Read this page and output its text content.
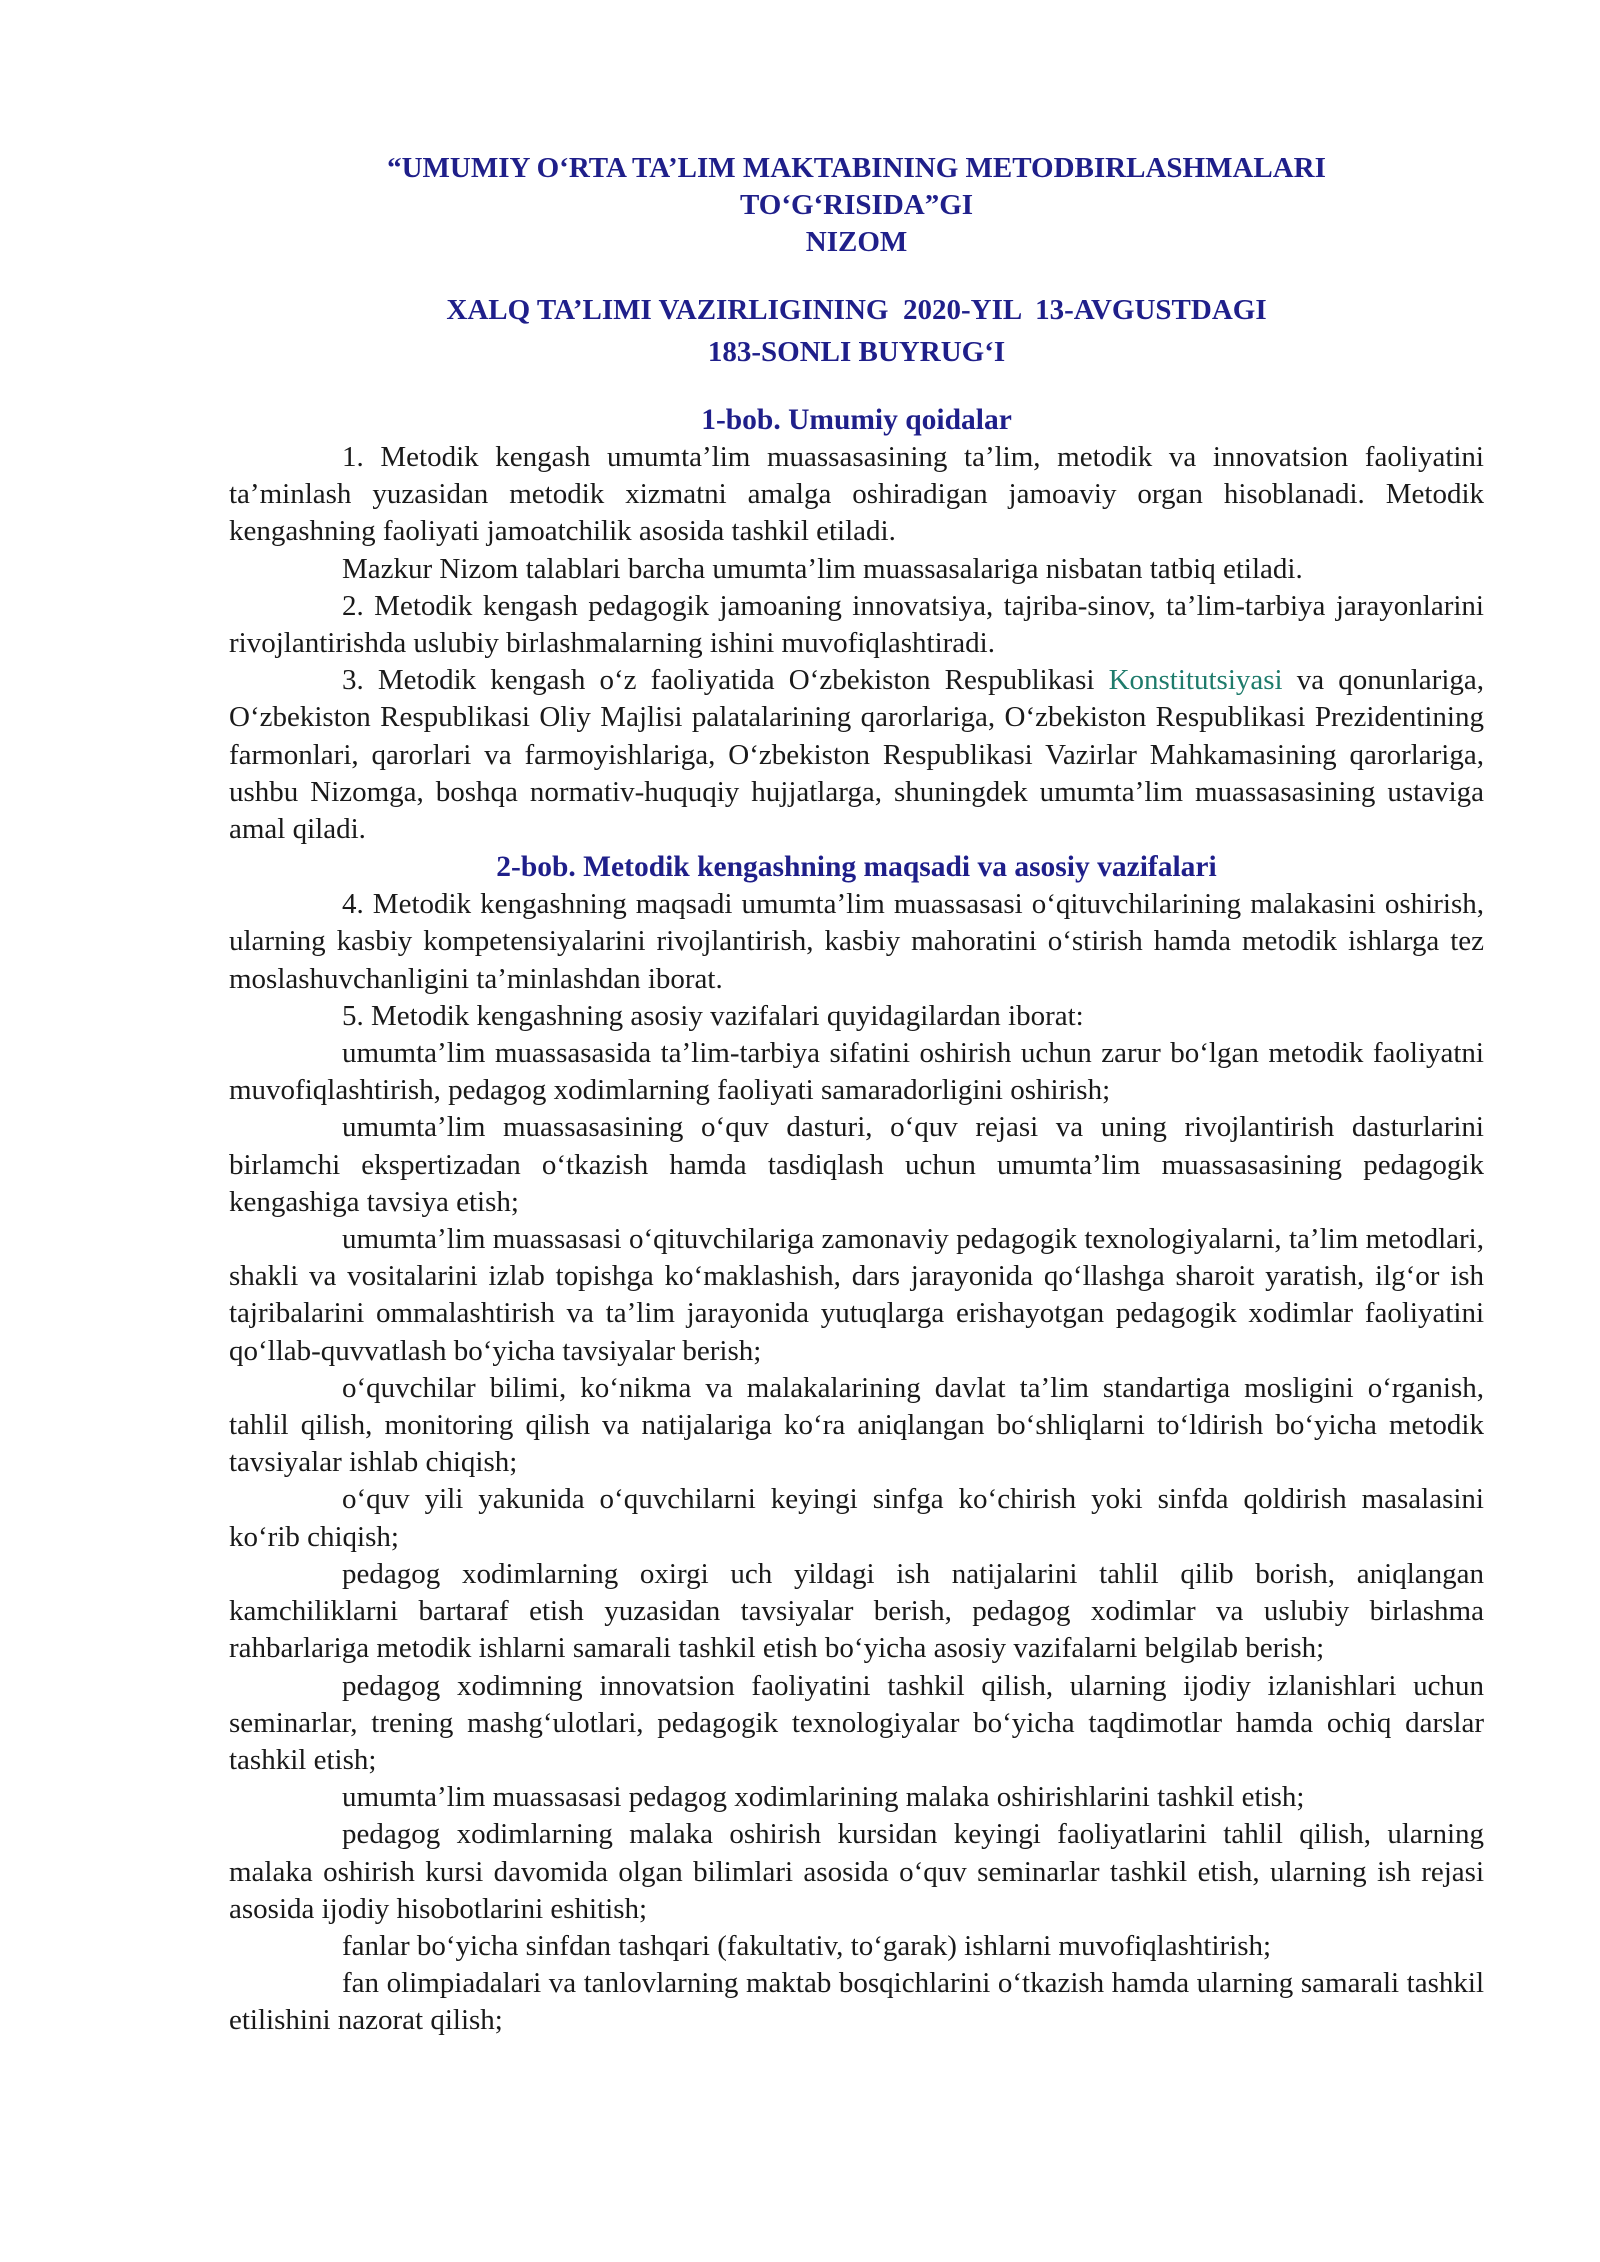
“UMUMIY O‘RTA TA’LIM MAKTABINING METODBIRLASHMALARI
TO‘G‘RISIDA”GI
NIZOM
XALQ TA’LIMI VAZIRLIGINING  2020-YIL  13-AVGUSTDAGI
183-SONLI BUYRUG‘I
1-bob. Umumiy qoidalar

1. Metodik kengash umumta’lim muassasasining ta’lim, metodik va innovatsion faoliyatini ta’minlash yuzasidan metodik xizmatni amalga oshiradigan jamoaviy organ hisoblanadi. Metodik kengashning faoliyati jamoatchilik asosida tashkil etiladi.

Mazkur Nizom talablari barcha umumta’lim muassasalariga nisbatan tatbiq etiladi.

2. Metodik kengash pedagogik jamoaning innovatsiya, tajriba-sinov, ta’lim-tarbiya jarayonlarini rivojlantirishda uslubiy birlashmalarning ishini muvofiqlashtiradi.

3. Metodik kengash o‘z faoliyatida O‘zbekiston Respublikasi Konstitutsiyasi va qonunlariga, O‘zbekiston Respublikasi Oliy Majlisi palatalarining qarorlariga, O‘zbekiston Respublikasi Prezidentining farmonlari, qarorlari va farmoyishlariga, O‘zbekiston Respublikasi Vazirlar Mahkamasining qarorlariga, ushbu Nizomga, boshqa normativ-huquqiy hujjatlarga, shuningdek umumta’lim muassasasining ustaviga amal qiladi.

2-bob. Metodik kengashning maqsadi va asosiy vazifalari

4. Metodik kengashning maqsadi umumta’lim muassasasi o‘qituvchilarining malakasini oshirish, ularning kasbiy kompetensiyalarini rivojlantirish, kasbiy mahoratini o‘stirish hamda metodik ishlarga tez moslashuvchanligini ta’minlashdan iborat.

5. Metodik kengashning asosiy vazifalari quyidagilardan iborat:

umumta’lim muassasasida ta’lim-tarbiya sifatini oshirish uchun zarur bo‘lgan metodik faoliyatni muvofiqlashtirish, pedagog xodimlarning faoliyati samaradorligini oshirish;

umumta’lim muassasasining o‘quv dasturi, o‘quv rejasi va uning rivojlantirish dasturlarini birlamchi ekspertizadan o‘tkazish hamda tasdiqlash uchun umumta’lim muassasasining pedagogik kengashiga tavsiya etish;

umumta’lim muassasasi o‘qituvchilariga zamonaviy pedagogik texnologiyalarni, ta’lim metodlari, shakli va vositalarini izlab topishga ko‘maklashish, dars jarayonida qo‘llashga sharoit yaratish, ilg‘or ish tajribalarini ommalashtirish va ta’lim jarayonida yutuqlarga erishayotgan pedagogik xodimlar faoliyatini qo‘llab-quvvatlash bo‘yicha tavsiyalar berish;

o‘quvchilar bilimi, ko‘nikma va malakalarining davlat ta’lim standartiga mosligini o‘rganish, tahlil qilish, monitoring qilish va natijalariga ko‘ra aniqlangan bo‘shliqlarni to‘ldirish bo‘yicha metodik tavsiyalar ishlab chiqish;

o‘quv yili yakunida o‘quvchilarni keyingi sinfga ko‘chirish yoki sinfda qoldirish masalasini ko‘rib chiqish;

pedagog xodimlarning oxirgi uch yildagi ish natijalarini tahlil qilib borish, aniqlangan kamchiliklarni bartaraf etish yuzasidan tavsiyalar berish, pedagog xodimlar va uslubiy birlashma rahbarlariga metodik ishlarni samarali tashkil etish bo‘yicha asosiy vazifalarni belgilab berish;

pedagog xodimning innovatsion faoliyatini tashkil qilish, ularning ijodiy izlanishlari uchun seminarlar, trening mashg‘ulotlari, pedagogik texnologiyalar bo‘yicha taqdimotlar hamda ochiq darslar tashkil etish;

umumta’lim muassasasi pedagog xodimlarining malaka oshirishlarini tashkil etish;

pedagog xodimlarning malaka oshirish kursidan keyingi faoliyatlarini tahlil qilish, ularning malaka oshirish kursi davomida olgan bilimlari asosida o‘quv seminarlar tashkil etish, ularning ish rejasi asosida ijodiy hisobotlarini eshitish;

fanlar bo‘yicha sinfdan tashqari (fakultativ, to‘garak) ishlarni muvofiqlashtirish;

fan olimpiadalari va tanlovlarning maktab bosqichlarini o‘tkazish hamda ularning samarali tashkil etilishini nazorat qilish;
